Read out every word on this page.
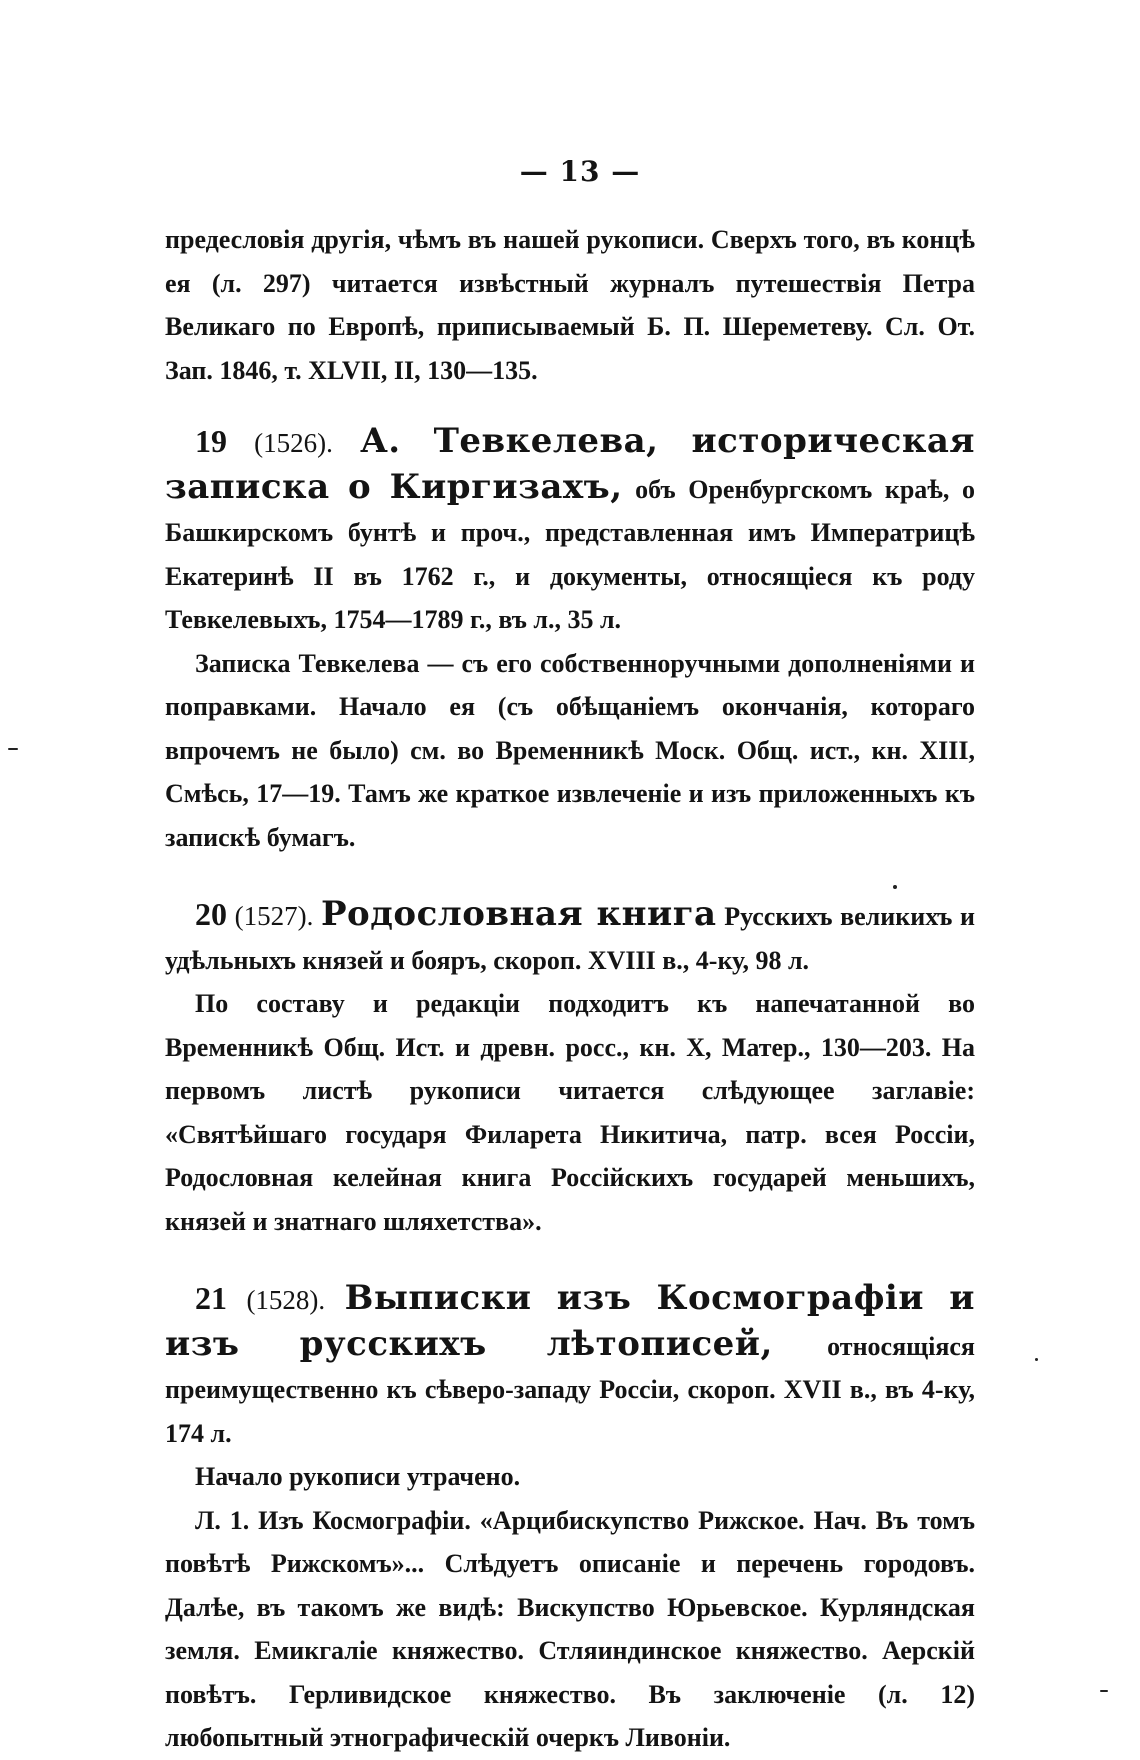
— 13 —

предесловія другія, чѣмъ въ нашей рукописи. Сверхъ того, въ концѣ ея (л. 297) читается извѣстный журналъ путешествія Петра Великаго по Европѣ, приписываемый Б. П. Шереметеву. Сл. От. Зап. 1846, т. XLVII, II, 130—135.

19 (1526). А. Тевкелева, историческая записка о Киргизахъ, объ Оренбургскомъ краѣ, о Башкирскомъ бунтѣ и проч., представленная имъ Императрицѣ Екатеринѣ II въ 1762 г., и документы, относящіеся къ роду Тевкелевыхъ, 1754—1789 г., въ л., 35 л.

Записка Тевкелева — съ его собственноручными дополненіями и поправками. Начало ея (съ обѣщаніемъ окончанія, котораго впрочемъ не было) см. во Временникѣ Моск. Общ. ист., кн. XIII, Смѣсь, 17—19. Тамъ же краткое извлеченіе и изъ приложенныхъ къ запискѣ бумагъ.

20 (1527). Родословная книга Русскихъ великихъ и удѣльныхъ князей и бояръ, скороп. XVIII в., 4-ку, 98 л.

По составу и редакціи подходитъ къ напечатанной во Временникѣ Общ. Ист. и древн. росс., кн. X, Матер., 130—203. На первомъ листѣ рукописи читается слѣдующее заглавіе: «Святѣйшаго государя Филарета Никитича, патр. всея Россіи, Родословная келейная книга Россійскихъ государей меньшихъ, князей и знатнаго шляхетства».

21 (1528). Выписки изъ Космографіи и изъ русскихъ лѣтописей, относящіяся преимущественно къ сѣверо-западу Россіи, скороп. XVII в., въ 4-ку, 174 л.

Начало рукописи утрачено.

Л. 1. Изъ Космографіи. «Арцибискупство Рижское. Нач. Въ томъ повѣтѣ Рижскомъ»... Слѣдуетъ описаніе и перечень городовъ. Далѣе, въ такомъ же видѣ: Вискупство Юрьевское. Курляндская земля. Емикгаліе княжество. Стляиндинское княжество. Аерскій повѣтъ. Герливидское княжество. Въ заключеніе (л. 12) любопытный этнографическій очеркъ Ливоніи.
